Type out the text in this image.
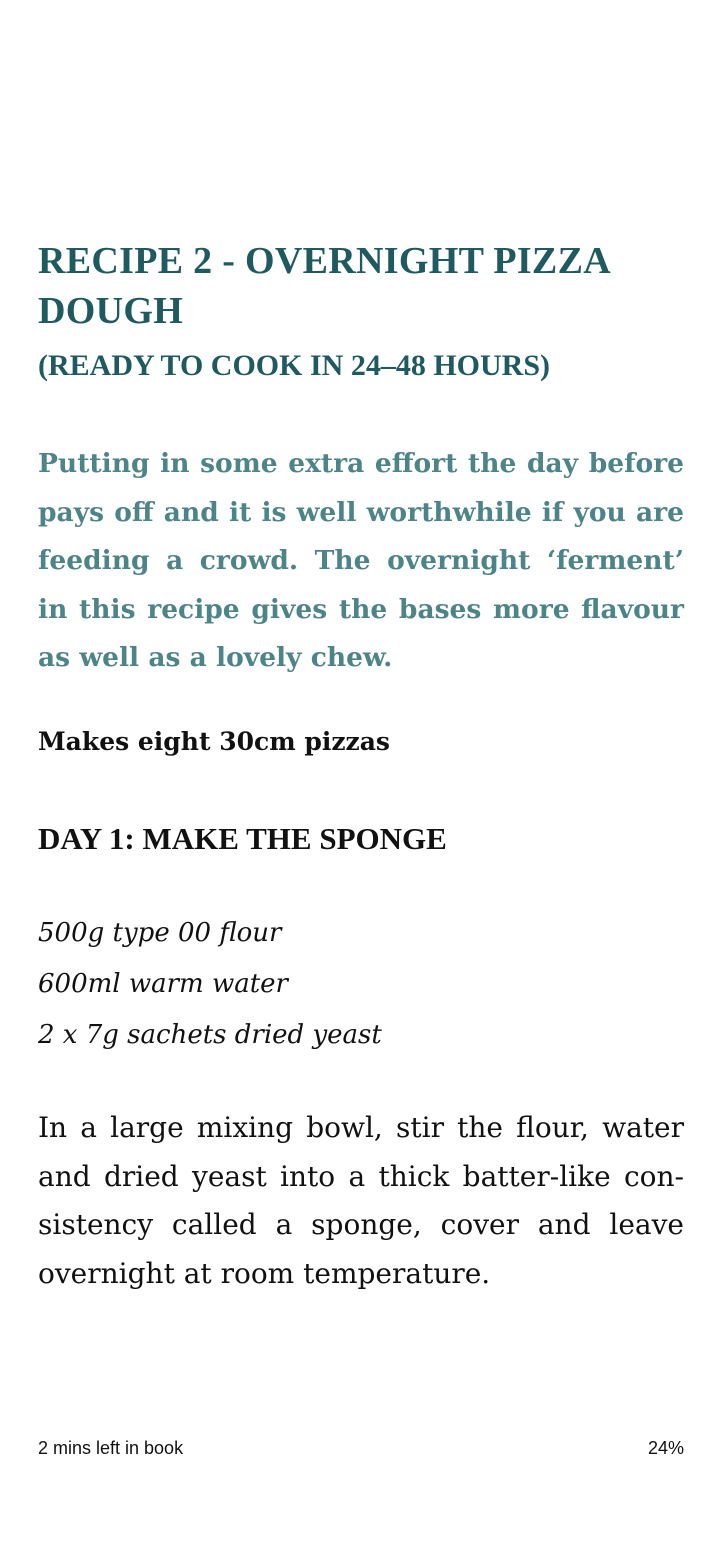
RECIPE 2 - OVERNIGHT PIZZA DOUGH
(READY TO COOK IN 24–48 HOURS)

Putting in some extra effort the day before pays off and it is well worthwhile if you are feeding a crowd. The overnight ‘ferment’ in this recipe gives the bases more flavour as well as a lovely chew.

Makes eight 30cm pizzas

DAY 1: MAKE THE SPONGE
500g type 00 flour
600ml warm water
2 x 7g sachets dried yeast

In a large mixing bowl, stir the flour, water and dried yeast into a thick batter-like consistency called a sponge, cover and leave overnight at room temperature.

2 mins left in book	24%
